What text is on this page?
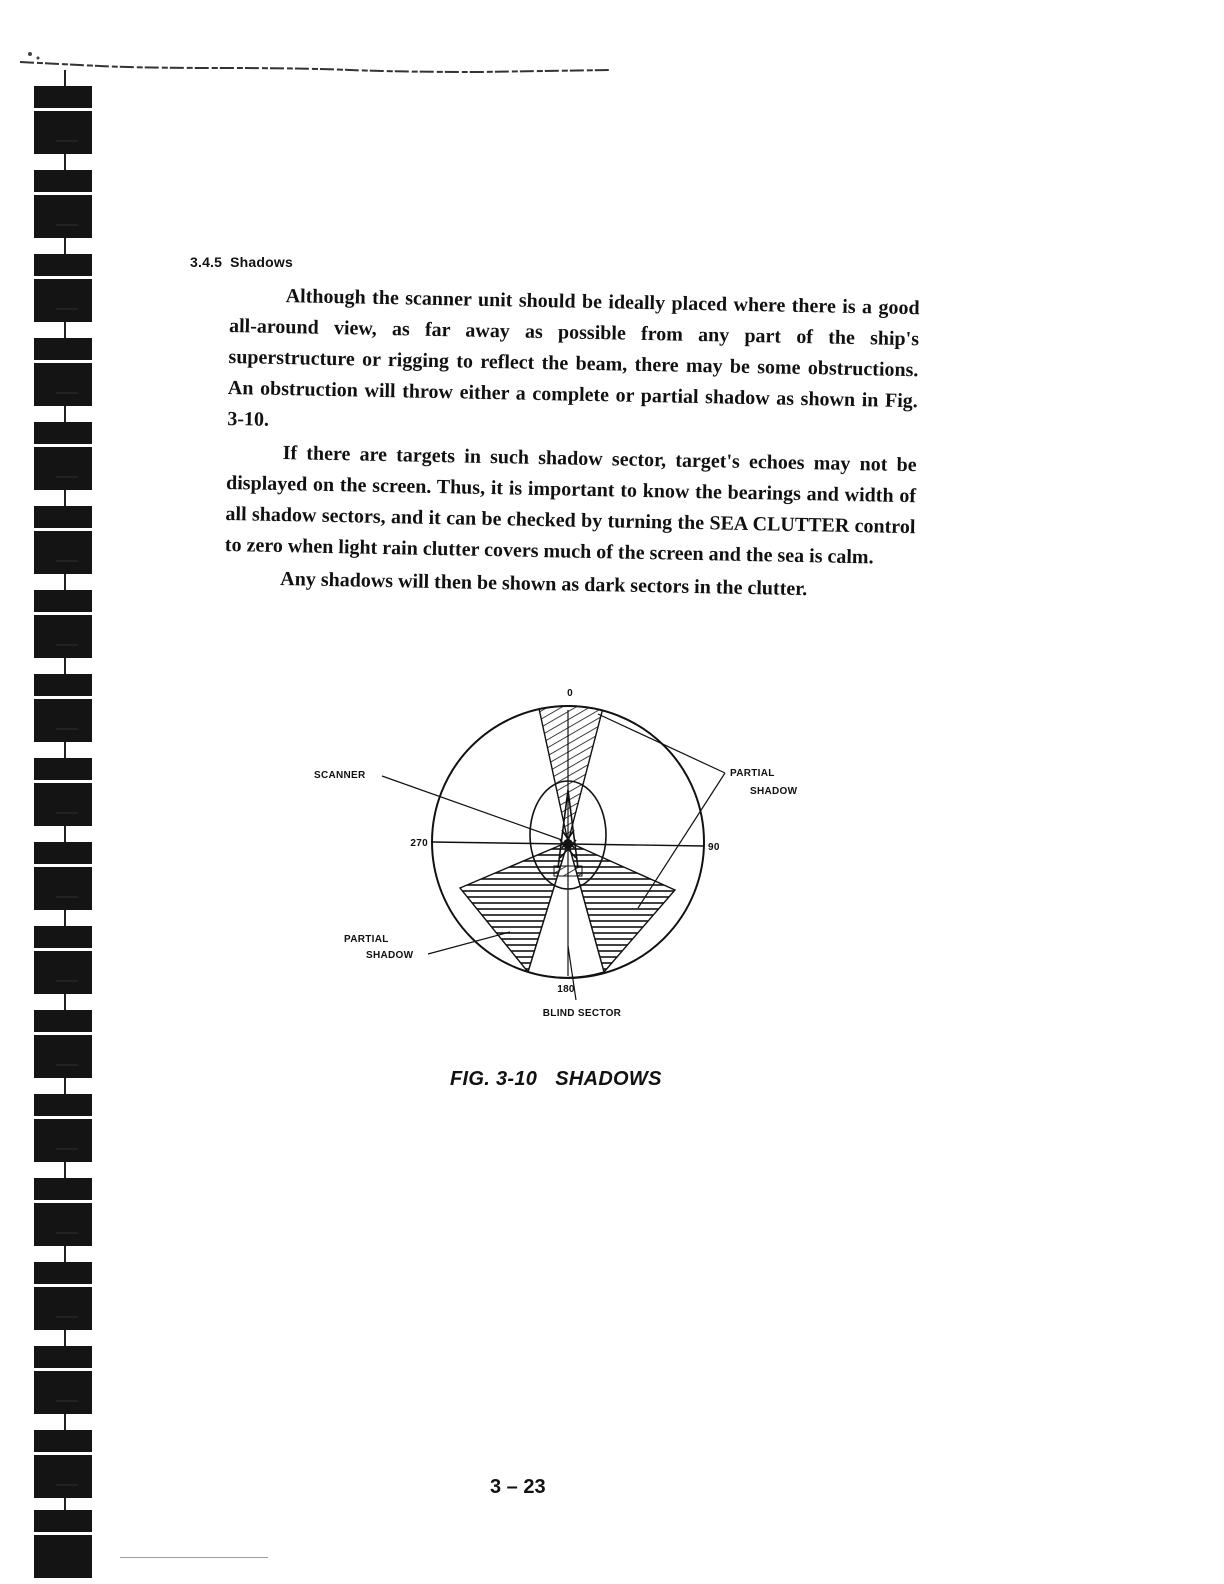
3.4.5 Shadows

Although the scanner unit should be ideally placed where there is a good all-around view, as far away as possible from any part of the ship's superstructure or rigging to reflect the beam, there may be some obstructions. An obstruction will throw either a complete or partial shadow as shown in Fig. 3-10.

If there are targets in such shadow sector, target's echoes may not be displayed on the screen. Thus, it is important to know the bearings and width of all shadow sectors, and it can be checked by turning the SEA CLUTTER control to zero when light rain clutter covers much of the screen and the sea is calm.

Any shadows will then be shown as dark sectors in the clutter.

0
270	90
180
SCANNER	PARTIAL
SHADOW
PARTIAL
SHADOW
BLIND SECTOR
FIG. 3-10 SHADOWS
3 – 23
